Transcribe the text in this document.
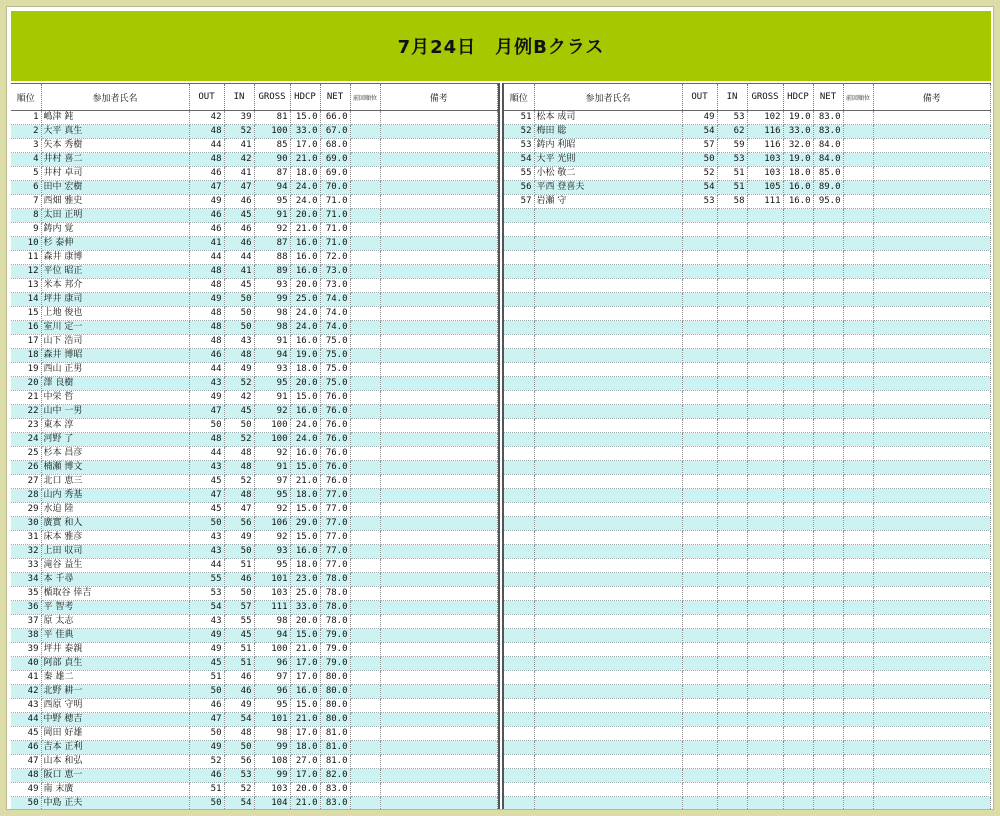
7月24日　月例Bクラス
順位	参加者氏名	OUT	IN	GROSS	HDCP	NET	前回順位	備考
1	嶋津 鈍	42	39	81	15.0	66.0		
2	大平 真生	48	52	100	33.0	67.0		
3	矢本 秀樹	44	41	85	17.0	68.0		
4	井村 喜二	48	42	90	21.0	69.0		
5	井村 卓司	46	41	87	18.0	69.0		
6	田中 宏樹	47	47	94	24.0	70.0		
7	西畑 雅史	49	46	95	24.0	71.0		
8	太田 正明	46	45	91	20.0	71.0		
9	鋳内 覚	46	46	92	21.0	71.0		
10	杉 泰伸	41	46	87	16.0	71.0		
11	森井 康博	44	44	88	16.0	72.0		
12	平位 昭正	48	41	89	16.0	73.0		
13	米本 邦介	48	45	93	20.0	73.0		
14	坪井 康司	49	50	99	25.0	74.0		
15	上地 俊也	48	50	98	24.0	74.0		
16	室川 定一	48	50	98	24.0	74.0		
17	山下 浩司	48	43	91	16.0	75.0		
18	森井 博昭	46	48	94	19.0	75.0		
19	西山 正男	44	49	93	18.0	75.0		
20	澤 良樹	43	52	95	20.0	75.0		
21	中栄 哲	49	42	91	15.0	76.0		
22	山中 一男	47	45	92	16.0	76.0		
23	東本 淳	50	50	100	24.0	76.0		
24	河野 了	48	52	100	24.0	76.0		
25	杉本 昌彦	44	48	92	16.0	76.0		
26	楠瀬 博文	43	48	91	15.0	76.0		
27	北口 恵三	45	52	97	21.0	76.0		
28	山内 秀基	47	48	95	18.0	77.0		
29	水迫 陸	45	47	92	15.0	77.0		
30	廣實 和人	50	56	106	29.0	77.0		
31	床本 雅彦	43	49	92	15.0	77.0		
32	上田 収司	43	50	93	16.0	77.0		
33	滝谷 益生	44	51	95	18.0	77.0		
34	本 千尋	55	46	101	23.0	78.0		
35	楯取谷 倖吉	53	50	103	25.0	78.0		
36	平 智考	54	57	111	33.0	78.0		
37	原 太志	43	55	98	20.0	78.0		
38	平 佳典	49	45	94	15.0	79.0		
39	坪井 泰親	49	51	100	21.0	79.0		
40	阿部 貞生	45	51	96	17.0	79.0		
41	秦 雄二	51	46	97	17.0	80.0		
42	北野 耕一	50	46	96	16.0	80.0		
43	西原 守明	46	49	95	15.0	80.0		
44	中野 穂吉	47	54	101	21.0	80.0		
45	岡田 好雄	50	48	98	17.0	81.0		
46	吉本 正利	49	50	99	18.0	81.0		
47	山本 和弘	52	56	108	27.0	81.0		
48	阪口 恵一	46	53	99	17.0	82.0		
49	南 末廣	51	52	103	20.0	83.0		
50	中島 正夫	50	54	104	21.0	83.0		
順位	参加者氏名	OUT	IN	GROSS	HDCP	NET	前回順位	備考
51	松本 成司	49	53	102	19.0	83.0		
52	梅田 聡	54	62	116	33.0	83.0		
53	鋳内 利昭	57	59	116	32.0	84.0		
54	大平 光則	50	53	103	19.0	84.0		
55	小松 敬二	52	51	103	18.0	85.0		
56	平西 登喜夫	54	51	105	16.0	89.0		
57	岩瀬 守	53	58	111	16.0	95.0		
